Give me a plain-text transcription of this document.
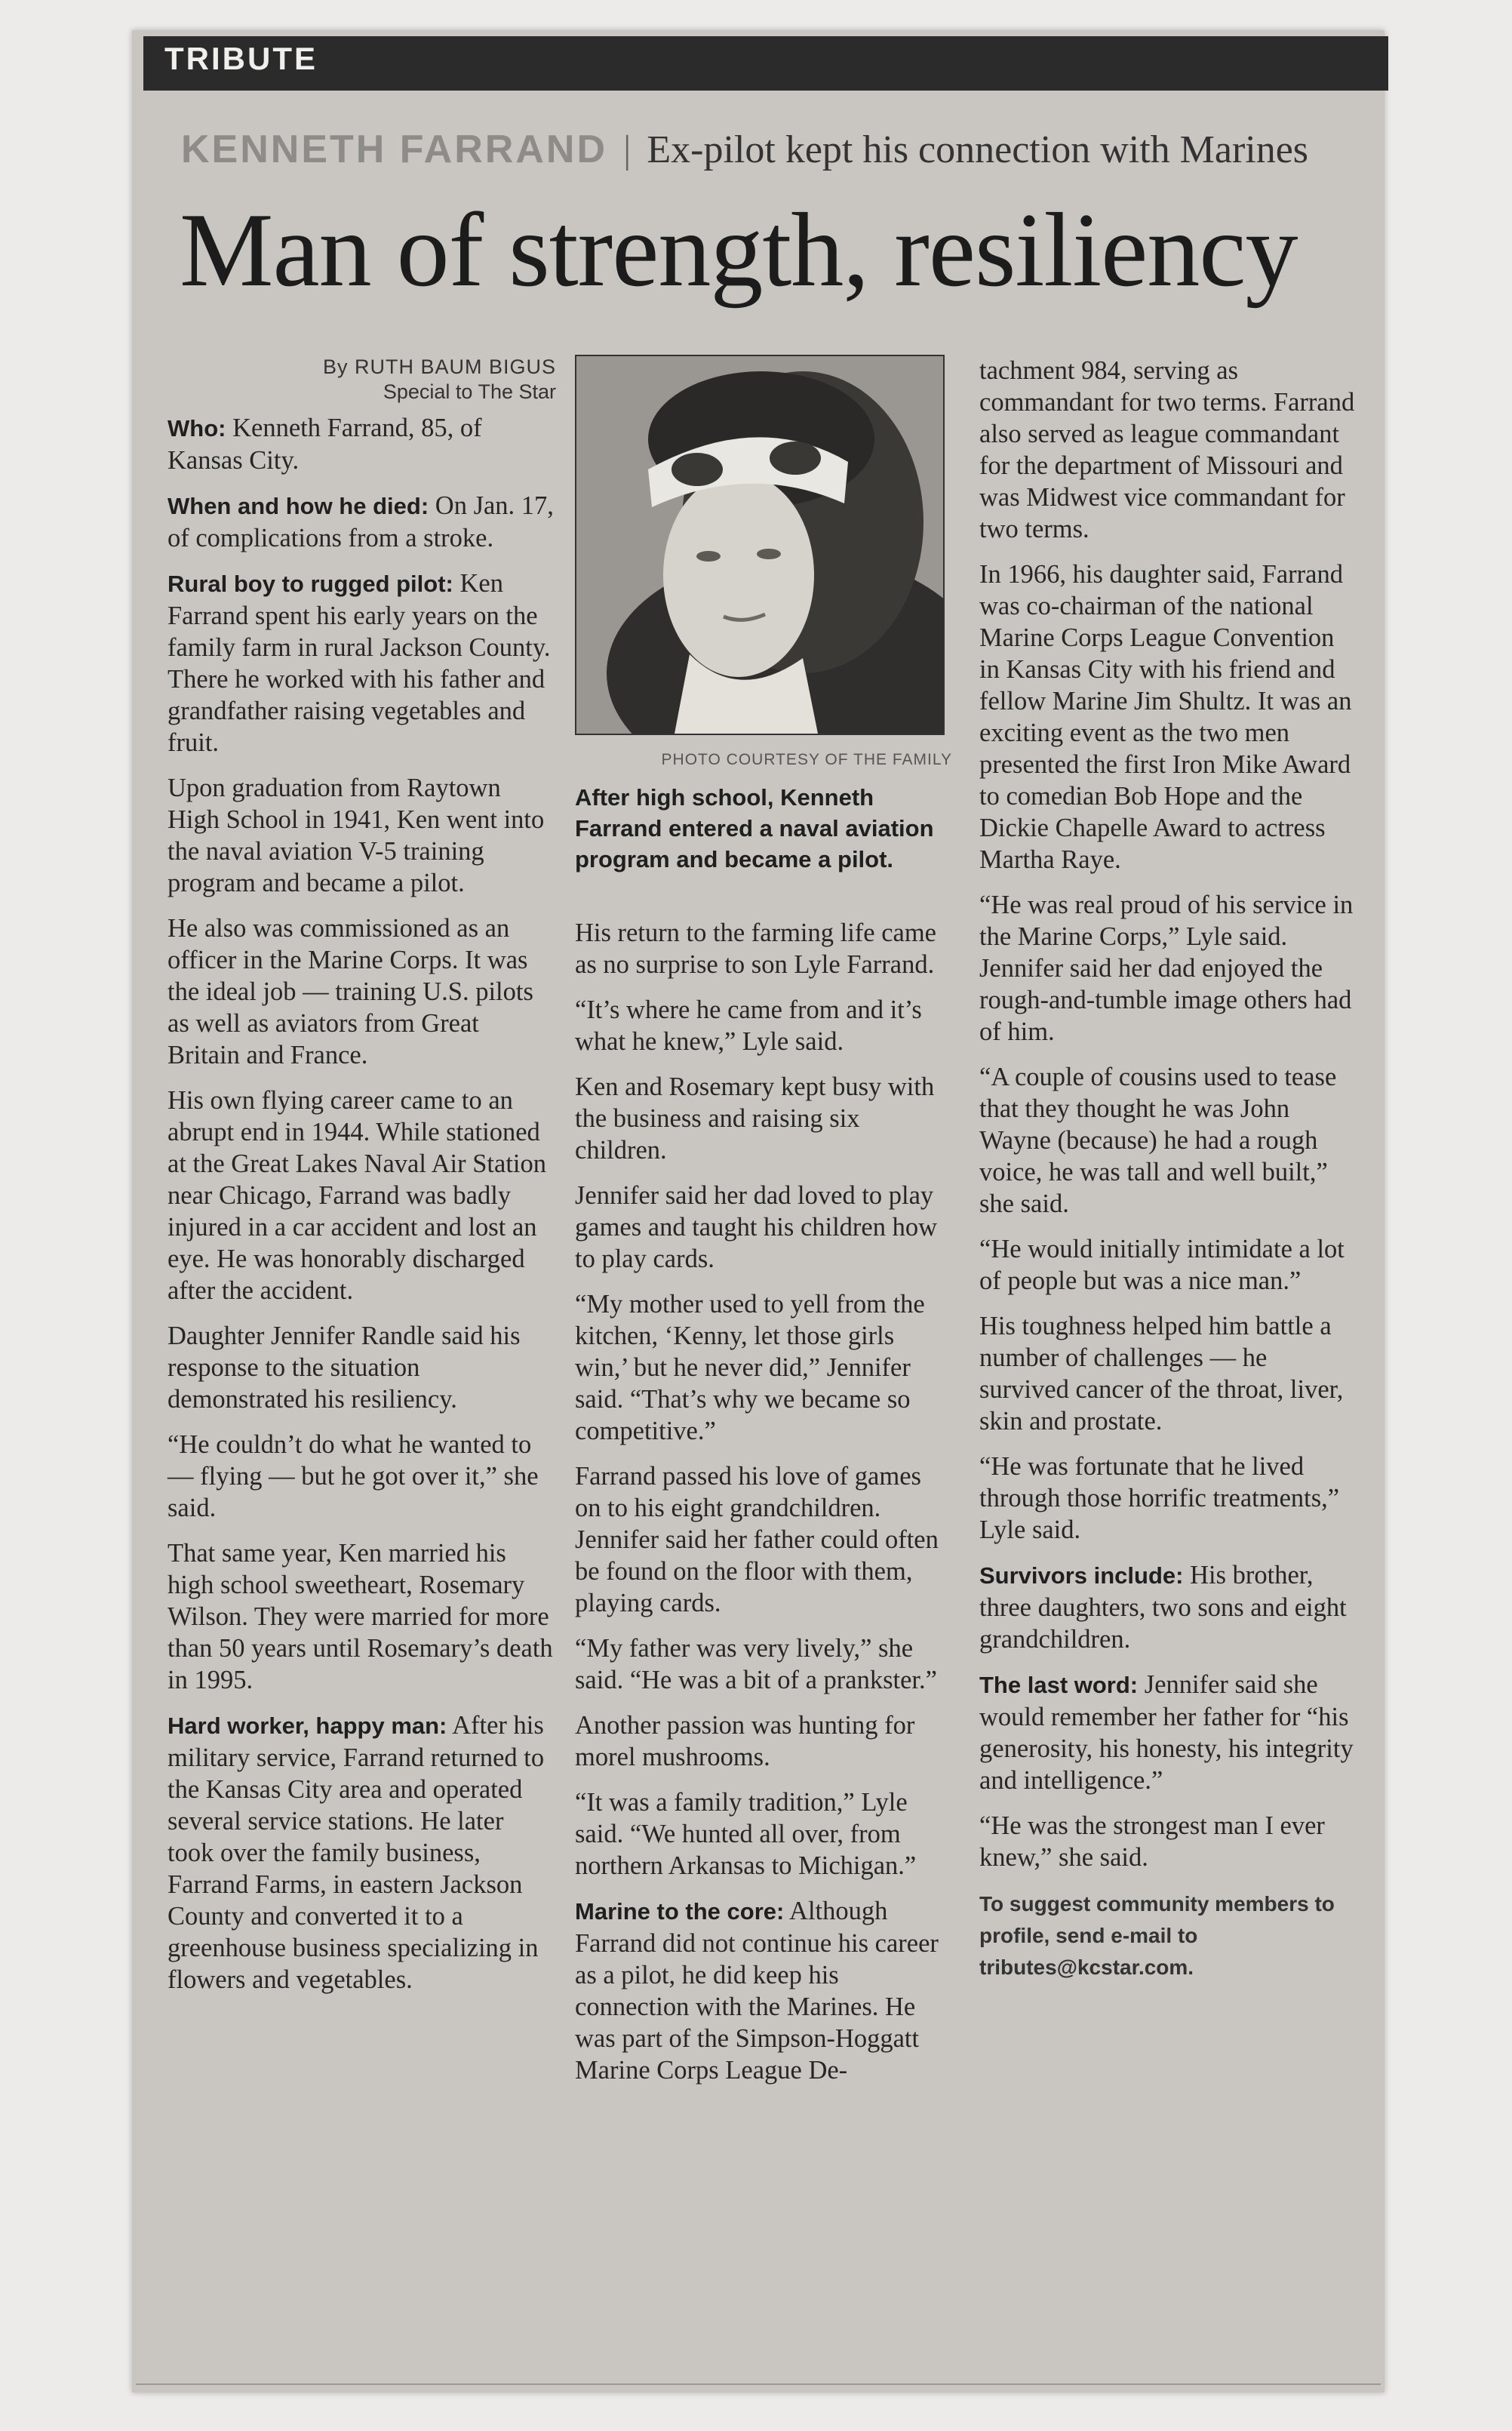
TRIBUTE
KENNETH FARRAND | Ex-pilot kept his connection with Marines
Man of strength, resiliency
By RUTH BAUM BIGUS
Special to The Star

Who: Kenneth Farrand, 85, of Kansas City.

When and how he died: On Jan. 17, of complications from a stroke.

Rural boy to rugged pilot: Ken Farrand spent his early years on the family farm in rural Jackson County. There he worked with his father and grandfather raising vegetables and fruit.

Upon graduation from Raytown High School in 1941, Ken went into the naval aviation V-5 training program and became a pilot.

He also was commissioned as an officer in the Marine Corps. It was the ideal job — training U.S. pilots as well as aviators from Great Britain and France.

His own flying career came to an abrupt end in 1944. While stationed at the Great Lakes Naval Air Station near Chicago, Farrand was badly injured in a car accident and lost an eye. He was honorably discharged after the accident.

Daughter Jennifer Randle said his response to the situation demonstrated his resiliency.

“He couldn’t do what he wanted to — flying — but he got over it,” she said.

That same year, Ken married his high school sweetheart, Rosemary Wilson. They were married for more than 50 years until Rosemary’s death in 1995.

Hard worker, happy man: After his military service, Farrand returned to the Kansas City area and operated several service stations. He later took over the family business, Farrand Farms, in eastern Jackson County and converted it to a greenhouse business specializing in flowers and vegetables.

PHOTO COURTESY OF THE FAMILY
After high school, Kenneth Farrand entered a naval aviation program and became a pilot.

His return to the farming life came as no surprise to son Lyle Farrand.

“It’s where he came from and it’s what he knew,” Lyle said.

Ken and Rosemary kept busy with the business and raising six children.

Jennifer said her dad loved to play games and taught his children how to play cards.

“My mother used to yell from the kitchen, ‘Kenny, let those girls win,’ but he never did,” Jennifer said. “That’s why we became so competitive.”

Farrand passed his love of games on to his eight grandchildren. Jennifer said her father could often be found on the floor with them, playing cards.

“My father was very lively,” she said. “He was a bit of a prankster.”

Another passion was hunting for morel mushrooms.

“It was a family tradition,” Lyle said. “We hunted all over, from northern Arkansas to Michigan.”

Marine to the core: Although Farrand did not continue his career as a pilot, he did keep his connection with the Marines. He was part of the Simpson-Hoggatt Marine Corps League De-

tachment 984, serving as commandant for two terms. Farrand also served as league commandant for the department of Missouri and was Midwest vice commandant for two terms.

In 1966, his daughter said, Farrand was co-chairman of the national Marine Corps League Convention in Kansas City with his friend and fellow Marine Jim Shultz. It was an exciting event as the two men presented the first Iron Mike Award to comedian Bob Hope and the Dickie Chapelle Award to actress Martha Raye.

“He was real proud of his service in the Marine Corps,” Lyle said. Jennifer said her dad enjoyed the rough-and-tumble image others had of him.

“A couple of cousins used to tease that they thought he was John Wayne (because) he had a rough voice, he was tall and well built,” she said.

“He would initially intimidate a lot of people but was a nice man.”

His toughness helped him battle a number of challenges — he survived cancer of the throat, liver, skin and prostate.

“He was fortunate that he lived through those horrific treatments,” Lyle said.

Survivors include: His brother, three daughters, two sons and eight grandchildren.

The last word: Jennifer said she would remember her father for “his generosity, his honesty, his integrity and intelligence.”

“He was the strongest man I ever knew,” she said.

To suggest community members to profile, send e-mail to tributes@kcstar.com.
